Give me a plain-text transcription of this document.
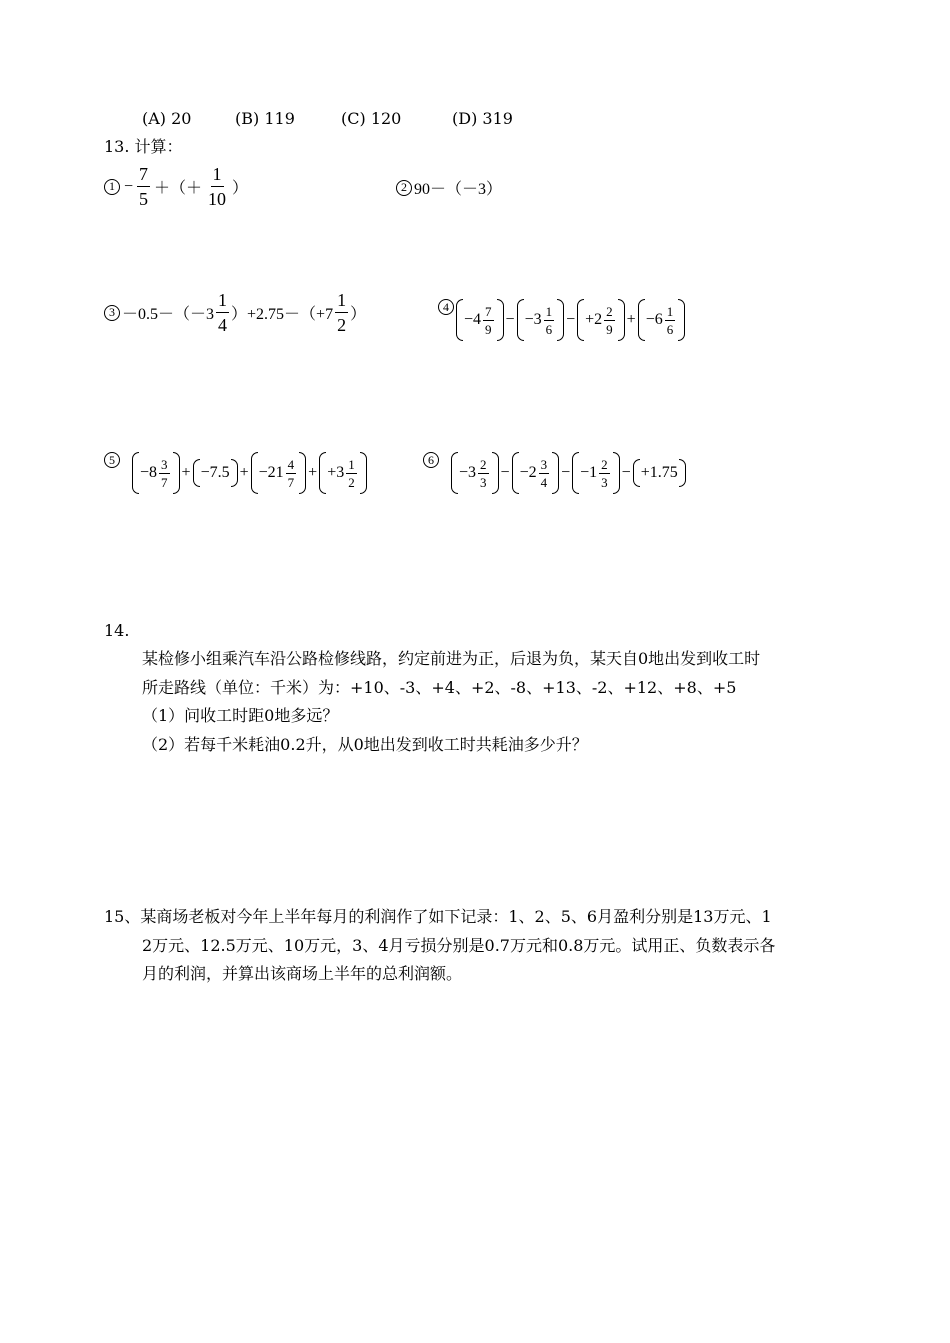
(A) 20	(B) 119	(C) 120	(D) 319
13. 计算：
$1 - \frac{7}{5}$ ＋（＋ $\frac{1}{10}$ ）	2 90－（－3）
$3 -0.5-(-3 \frac{1}{4} )+2.75-(+7 \frac{1}{2}$ ）	4
$-4 \frac{7}{9} - -3 \frac{1}{6} - +2 \frac{2}{9} + -6 \frac{1}{6}$
5
$-8 \frac{3}{7} + -7.5 + -21 \frac{4}{7} + +3 \frac{1}{2}$	6
$-3 \frac{2}{3} - -2 \frac{3}{4} - -1 \frac{2}{3} - +1.75$
14.
某检修小组乘汽车沿公路检修线路，约定前进为正，后退为负，某天自0地出发到收工时
所走路线（单位：千米）为：+10、-3、+4、+2、-8、+13、-2、+12、+8、+5
（1）问收工时距0地多远？
（2）若每千米耗油0.2升，从0地出发到收工时共耗油多少升？
15、某商场老板对今年上半年每月的利润作了如下记录：1、2、5、6月盈利分别是13万元、1
2万元、12.5万元、10万元，3、4月亏损分别是0.7万元和0.8万元。试用正、负数表示各
月的利润，并算出该商场上半年的总利润额。
